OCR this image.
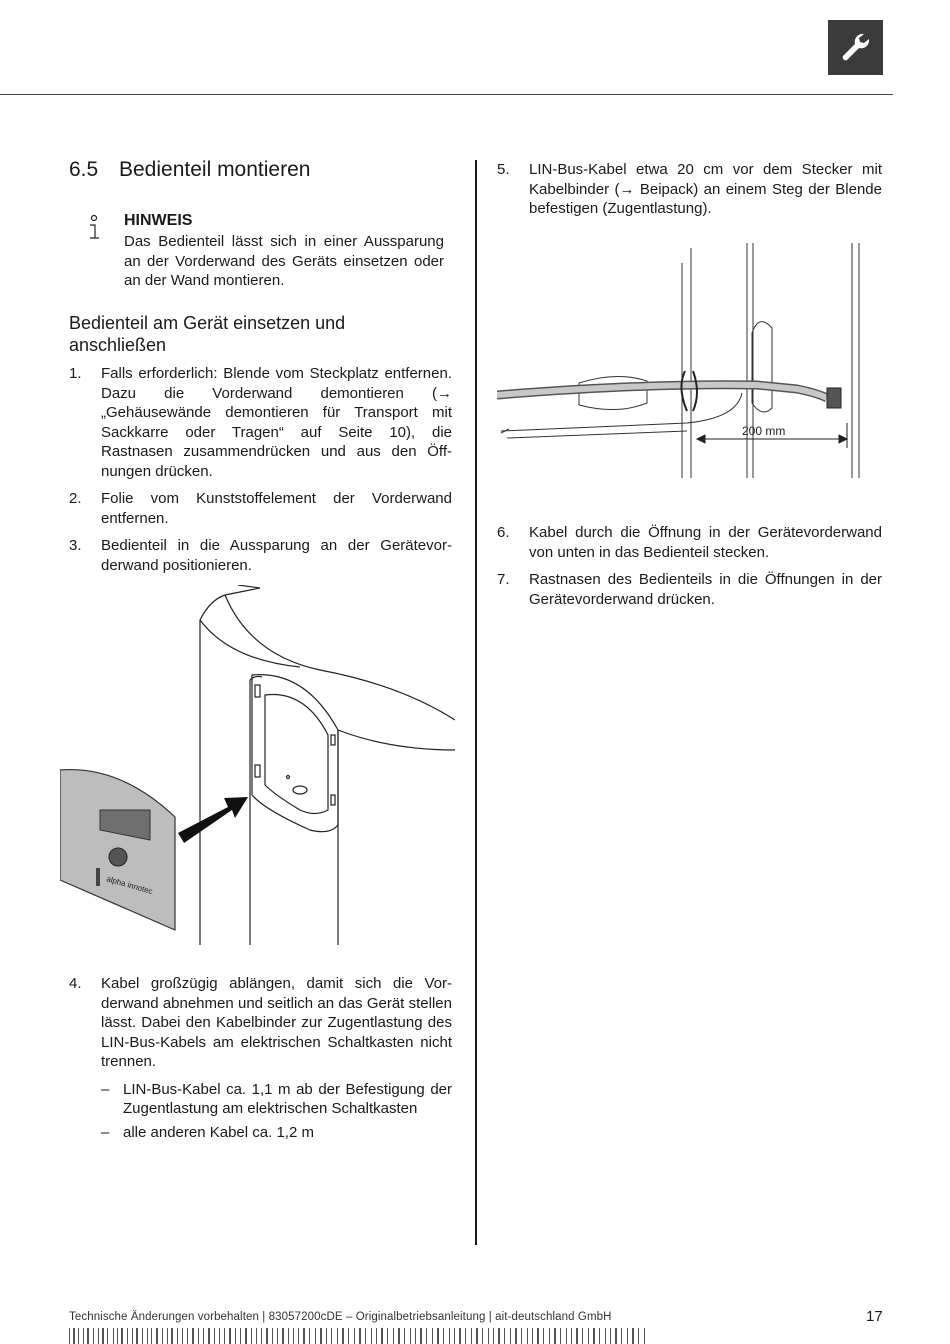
6.5 Bedienteil montieren
HINWEIS
Das Bedienteil lässt sich in einer Aussparung an der Vorderwand des Geräts einsetzen oder an der Wand montieren.
Bedienteil am Gerät einsetzen und anschließen
1. Falls erforderlich: Blende vom Steckplatz entfernen. Dazu die Vorderwand demontieren (→ „Gehäusewände demontieren für Transport mit Sackkarre oder Tragen“ auf Seite 10), die Rastnasen zusammendrücken und aus den Öffnungen drücken.
2. Folie vom Kunststoffelement der Vorderwand entfernen.
3. Bedienteil in die Aussparung an der Gerätevorderwand positionieren.
alpha innotec
4. Kabel großzügig ablängen, damit sich die Vorderwand abnehmen und seitlich an das Gerät stellen lässt. Dabei den Kabelbinder zur Zugentlastung des LIN-Bus-Kabels am elektrischen Schaltkasten nicht trennen.
– LIN-Bus-Kabel ca. 1,1 m ab der Befestigung der Zugentlastung am elektrischen Schaltkasten
– alle anderen Kabel ca. 1,2 m
5. LIN-Bus-Kabel etwa 20 cm vor dem Stecker mit Kabelbinder (→ Beipack) an einem Steg der Blende befestigen (Zugentlastung).
200 mm
6. Kabel durch die Öffnung in der Gerätevorderwand von unten in das Bedienteil stecken.
7. Rastnasen des Bedienteils in die Öffnungen in der Gerätevorderwand drücken.
Technische Änderungen vorbehalten | 83057200cDE – Originalbetriebsanleitung | ait-deutschland GmbH	17
